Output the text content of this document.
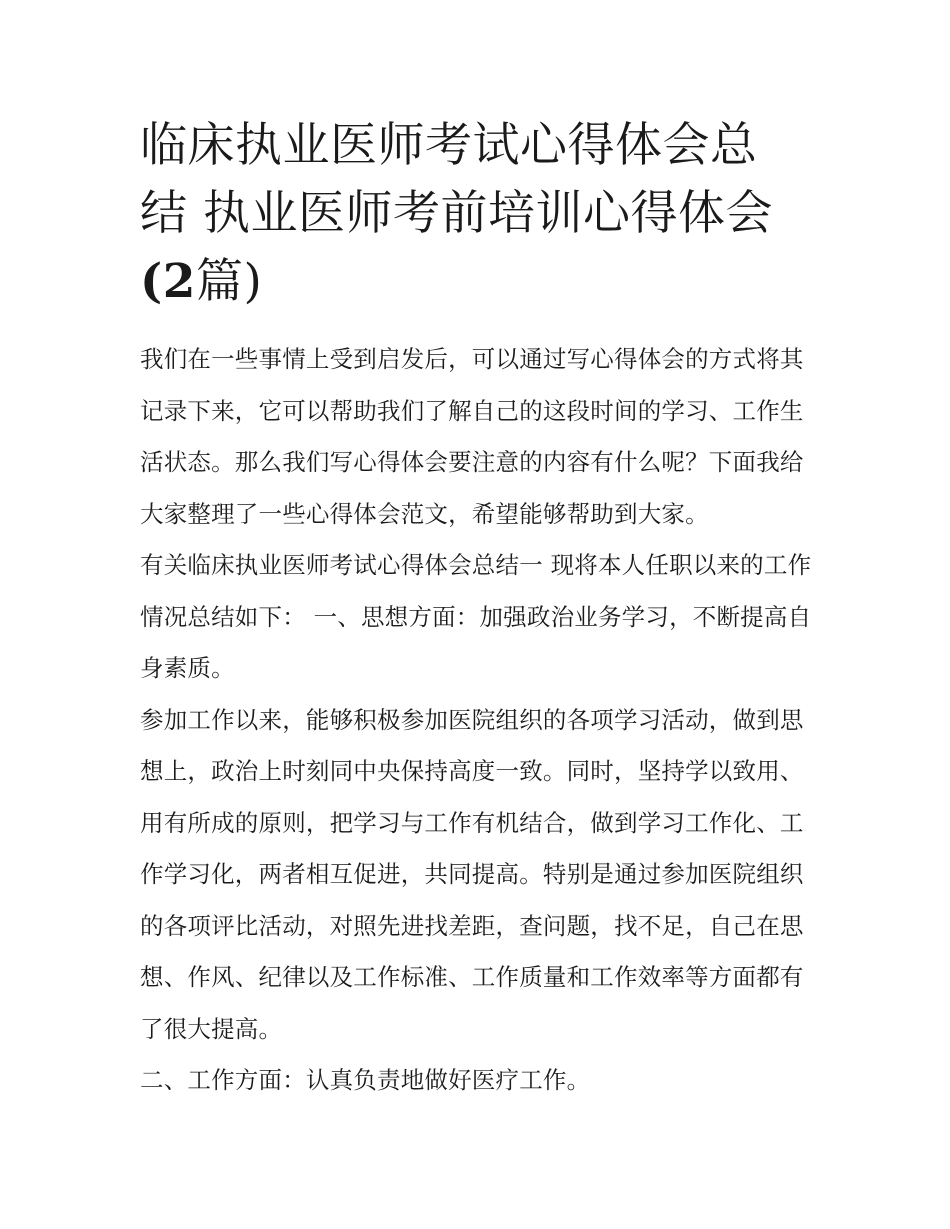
临床执业医师考试心得体会总
结 执业医师考前培训心得体会
(2篇)

我们在一些事情上受到启发后，可以通过写心得体会的方式将其记录下来，它可以帮助我们了解自己的这段时间的学习、工作生活状态。那么我们写心得体会要注意的内容有什么呢？下面我给大家整理了一些心得体会范文，希望能够帮助到大家。

有关临床执业医师考试心得体会总结一 现将本人任职以来的工作情况总结如下： 一、思想方面：加强政治业务学习，不断提高自身素质。

参加工作以来，能够积极参加医院组织的各项学习活动，做到思想上，政治上时刻同中央保持高度一致。同时，坚持学以致用、用有所成的原则，把学习与工作有机结合，做到学习工作化、工作学习化，两者相互促进，共同提高。特别是通过参加医院组织的各项评比活动，对照先进找差距，查问题，找不足，自己在思想、作风、纪律以及工作标准、工作质量和工作效率等方面都有了很大提高。

二、工作方面：认真负责地做好医疗工作。
